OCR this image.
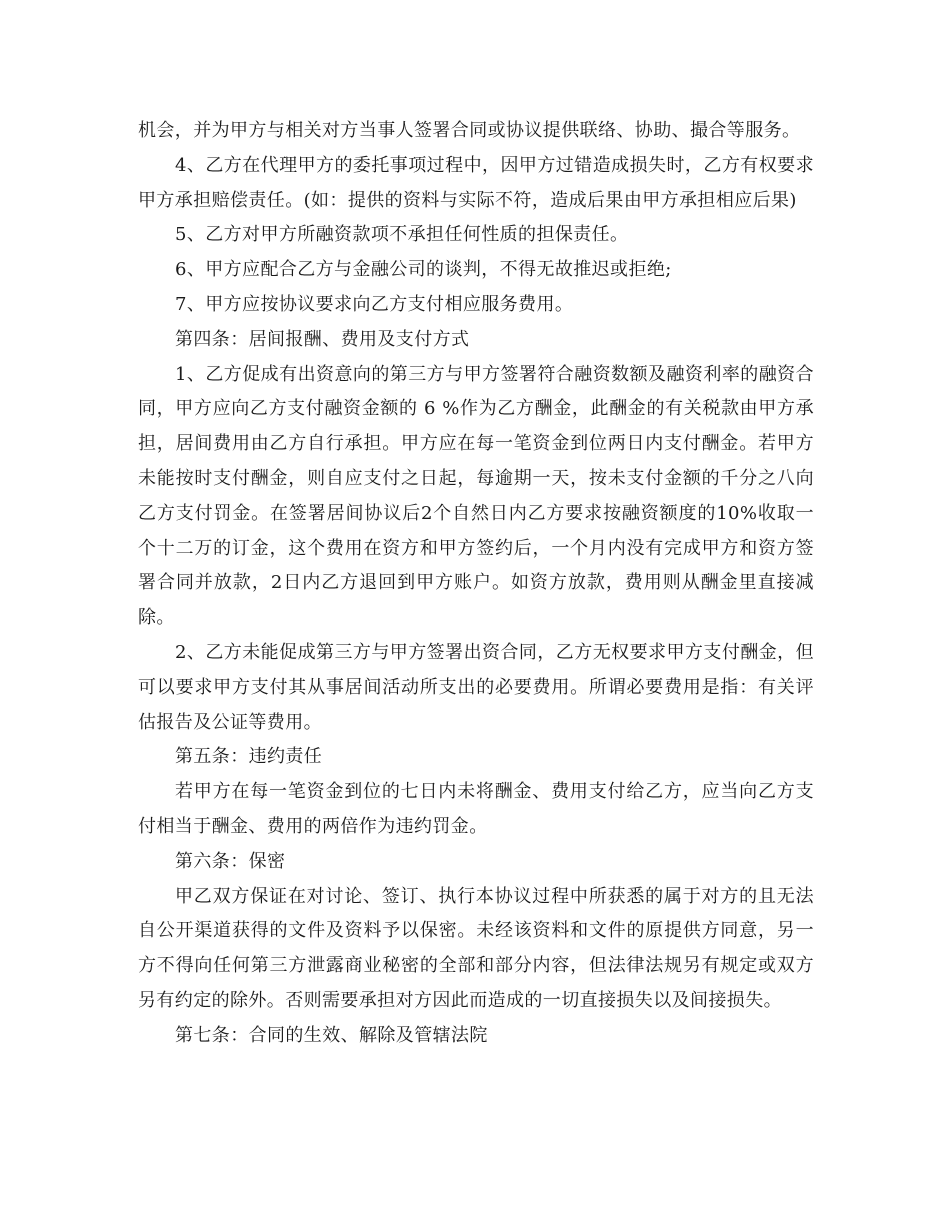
机会，并为甲方与相关对方当事人签署合同或协议提供联络、协助、撮合等服务。

4、乙方在代理甲方的委托事项过程中，因甲方过错造成损失时，乙方有权要求甲方承担赔偿责任。(如：提供的资料与实际不符，造成后果由甲方承担相应后果)

5、乙方对甲方所融资款项不承担任何性质的担保责任。

6、甲方应配合乙方与金融公司的谈判，不得无故推迟或拒绝;

7、甲方应按协议要求向乙方支付相应服务费用。

第四条：居间报酬、费用及支付方式

1、乙方促成有出资意向的第三方与甲方签署符合融资数额及融资利率的融资合同，甲方应向乙方支付融资金额的 6 %作为乙方酬金，此酬金的有关税款由甲方承担，居间费用由乙方自行承担。甲方应在每一笔资金到位两日内支付酬金。若甲方未能按时支付酬金，则自应支付之日起，每逾期一天，按未支付金额的千分之八向乙方支付罚金。在签署居间协议后2个自然日内乙方要求按融资额度的10%收取一个十二万的订金，这个费用在资方和甲方签约后，一个月内没有完成甲方和资方签署合同并放款，2日内乙方退回到甲方账户。如资方放款，费用则从酬金里直接减除。

2、乙方未能促成第三方与甲方签署出资合同，乙方无权要求甲方支付酬金，但可以要求甲方支付其从事居间活动所支出的必要费用。所谓必要费用是指：有关评估报告及公证等费用。

第五条：违约责任

若甲方在每一笔资金到位的七日内未将酬金、费用支付给乙方，应当向乙方支付相当于酬金、费用的两倍作为违约罚金。

第六条：保密

甲乙双方保证在对讨论、签订、执行本协议过程中所获悉的属于对方的且无法自公开渠道获得的文件及资料予以保密。未经该资料和文件的原提供方同意，另一方不得向任何第三方泄露商业秘密的全部和部分内容，但法律法规另有规定或双方另有约定的除外。否则需要承担对方因此而造成的一切直接损失以及间接损失。

第七条：合同的生效、解除及管辖法院
